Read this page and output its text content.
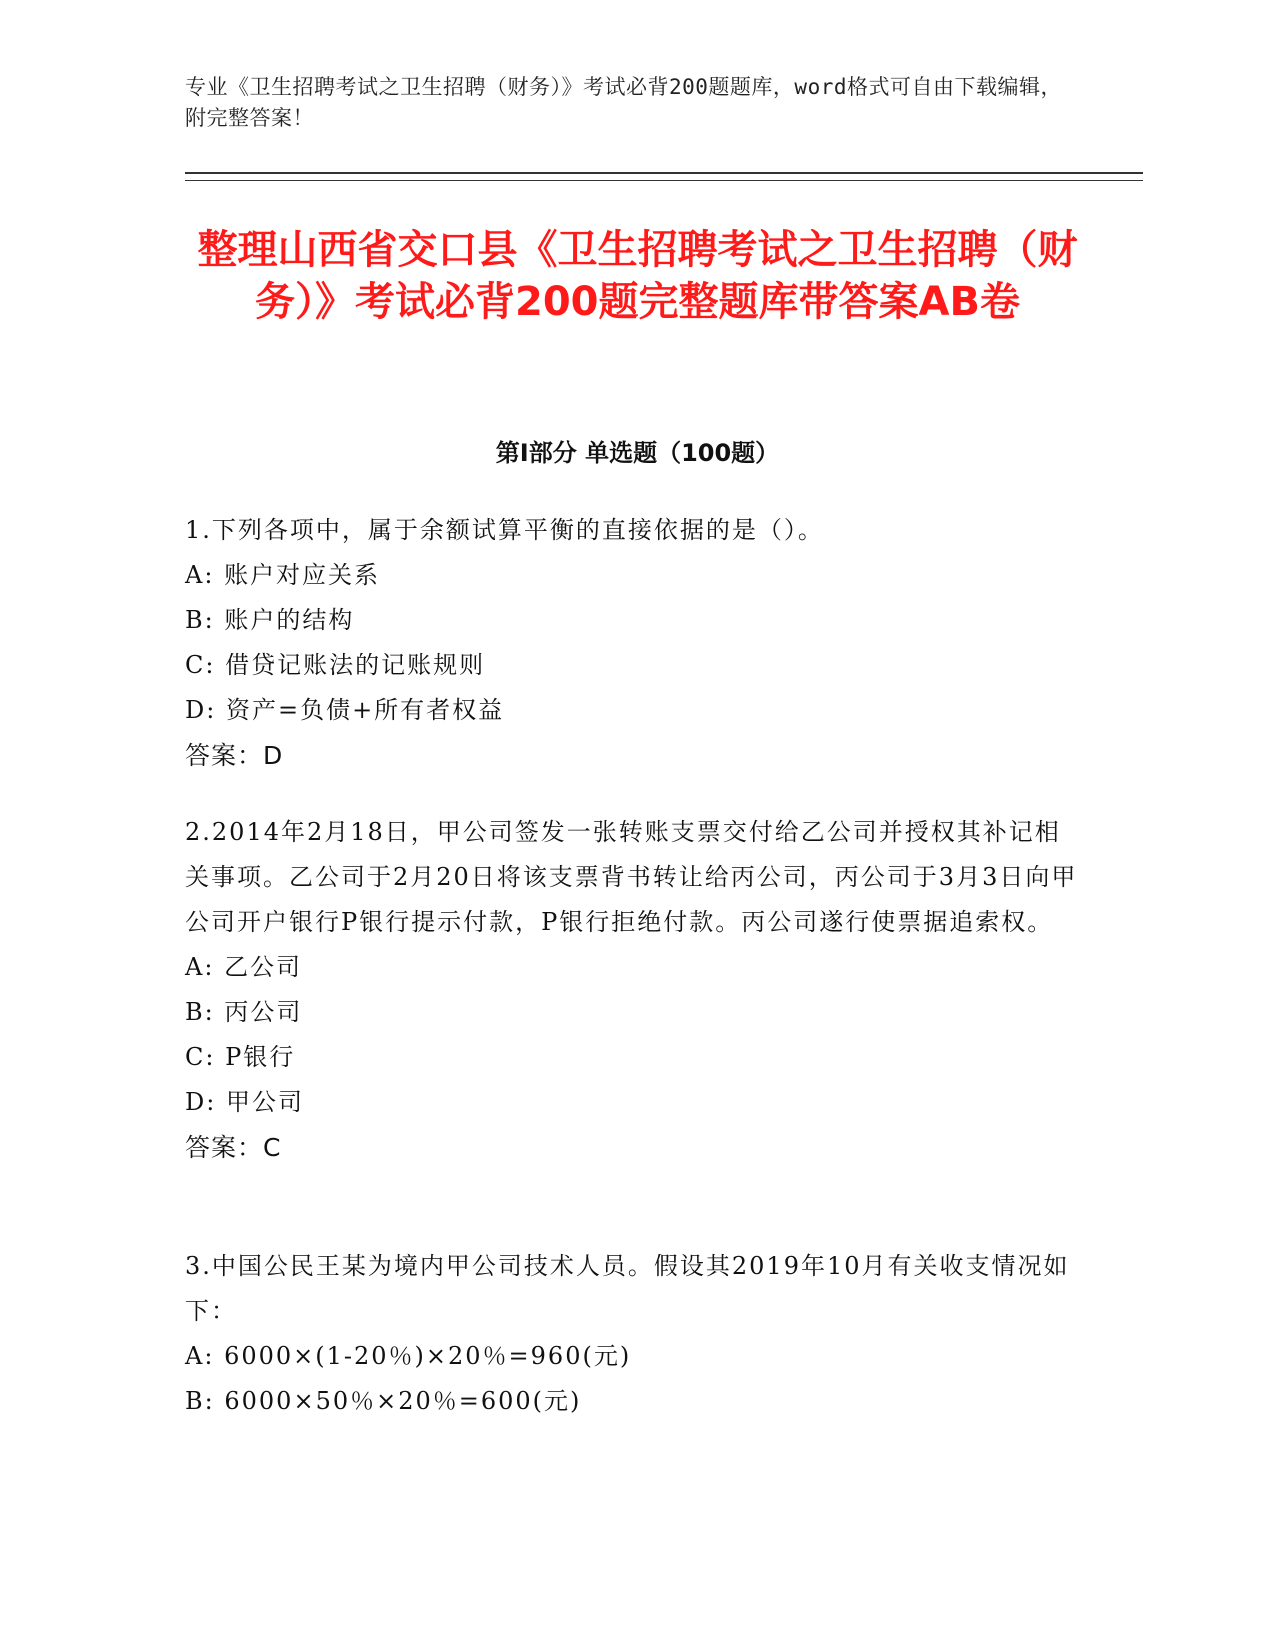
专业《卫生招聘考试之卫生招聘（财务）》考试必背200题题库，word格式可自由下载编辑，附完整答案！
整理山西省交口县《卫生招聘考试之卫生招聘（财务）》考试必背200题完整题库带答案AB卷
第Ⅰ部分 单选题（100题）
1.下列各项中，属于余额试算平衡的直接依据的是（）。
A: 账户对应关系
B: 账户的结构
C: 借贷记账法的记账规则
D: 资产=负债+所有者权益
答案：D
2.2014年2月18日，甲公司签发一张转账支票交付给乙公司并授权其补记相关事项。乙公司于2月20日将该支票背书转让给丙公司，丙公司于3月3日向甲公司开户银行P银行提示付款，P银行拒绝付款。丙公司遂行使票据追索权。
A: 乙公司
B: 丙公司
C: P银行
D: 甲公司
答案：C
3.中国公民王某为境内甲公司技术人员。假设其2019年10月有关收支情况如下：
A: 6000×(1-20％)×20％=960(元)
B: 6000×50％×20％=600(元)
